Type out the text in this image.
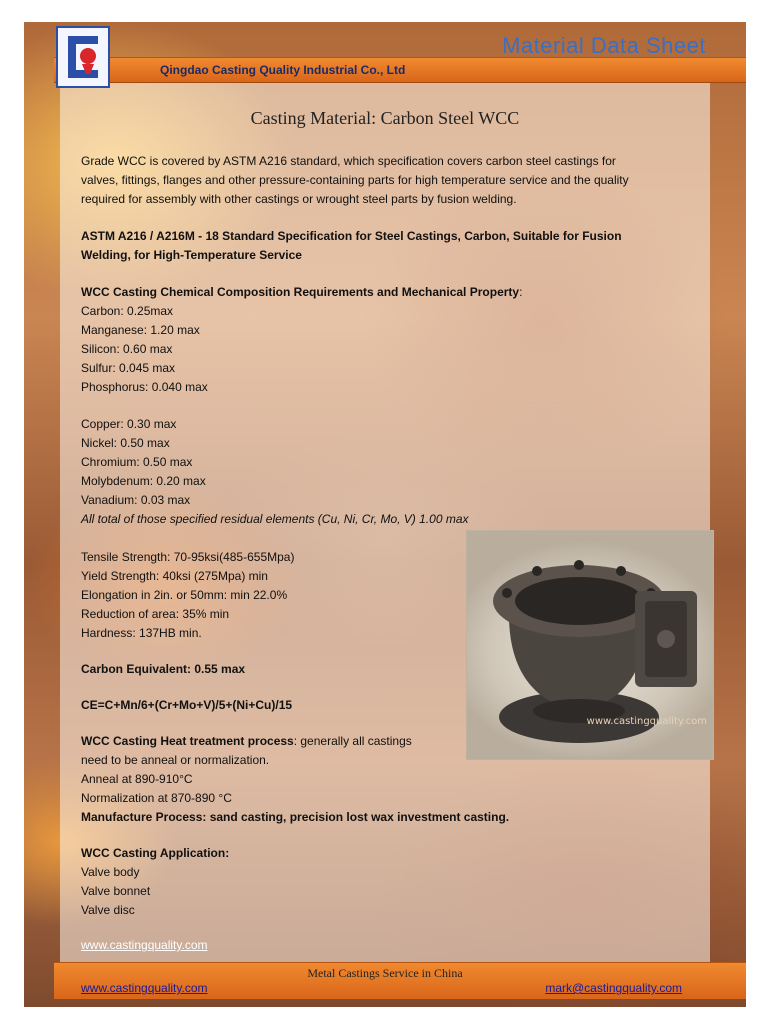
Material Data Sheet
Qingdao Casting Quality Industrial Co., Ltd
Casting Material: Carbon Steel WCC
Grade WCC is covered by ASTM A216 standard, which specification covers carbon steel castings for
valves, fittings, flanges and other pressure-containing parts for high temperature service and the quality
required for assembly with other castings or wrought steel parts by fusion welding.
ASTM A216 / A216M - 18 Standard Specification for Steel Castings, Carbon, Suitable for Fusion
Welding, for High-Temperature Service
WCC Casting Chemical Composition Requirements and Mechanical Property:
Carbon: 0.25max
Manganese: 1.20 max
Silicon: 0.60 max
Sulfur: 0.045 max
Phosphorus: 0.040 max
Copper: 0.30 max
Nickel: 0.50 max
Chromium: 0.50 max
Molybdenum: 0.20 max
Vanadium: 0.03 max
All total of those specified residual elements (Cu, Ni, Cr, Mo, V) 1.00 max
Tensile Strength: 70-95ksi(485-655Mpa)
Yield Strength: 40ksi (275Mpa) min
Elongation in 2in. or 50mm: min 22.0%
Reduction of area: 35% min
Hardness: 137HB min.
Carbon Equivalent: 0.55 max
CE=C+Mn/6+(Cr+Mo+V)/5+(Ni+Cu)/15
WCC Casting Heat treatment process: generally all castings
need to be anneal or normalization.
Anneal at 890-910°C
Normalization at 870-890 °C
Manufacture Process: sand casting, precision lost wax investment casting.
WCC Casting Application:
Valve body
Valve bonnet
Valve disc
www.castingquality.com
www.castingquality.com
Metal Castings Service in China
www.castingquality.com	mark@castingquality.com
